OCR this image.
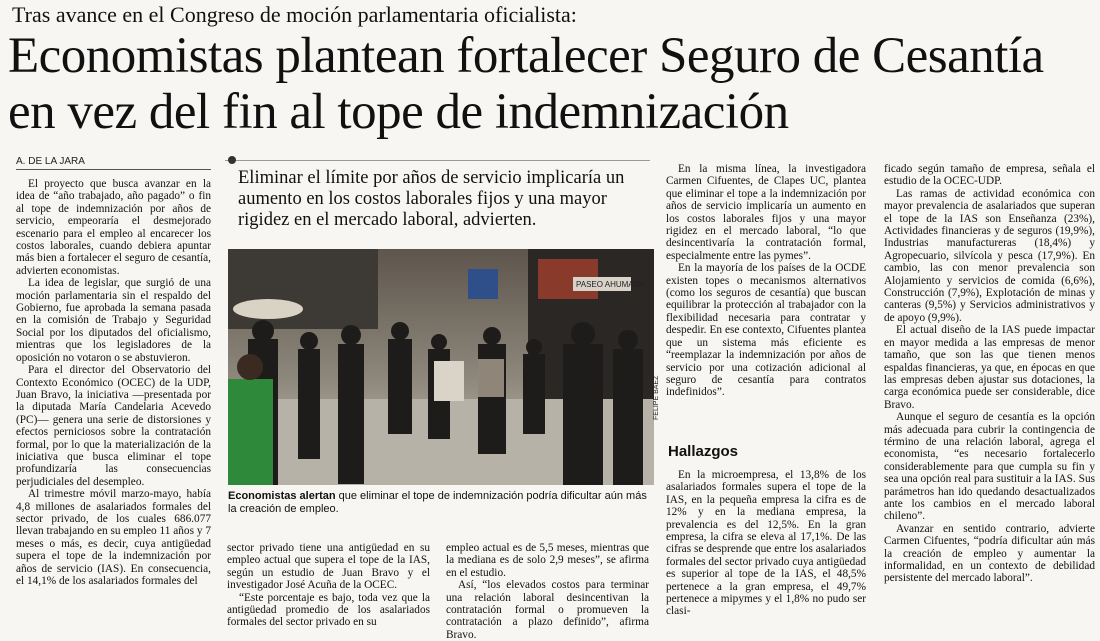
Tras avance en el Congreso de moción parlamentaria oficialista:
Economistas plantean fortalecer Seguro de Cesantía en vez del fin al tope de indemnización
A. DE LA JARA

El proyecto que busca avanzar en la idea de “año trabajado, año pagado” o fin al tope de indemnización por años de servicio, empeoraría el desmejorado escenario para el empleo al encarecer los costos laborales, cuando debiera apuntar más bien a fortalecer el seguro de cesantía, advierten economistas.

La idea de legislar, que surgió de una moción parlamentaria sin el respaldo del Gobierno, fue aprobada la semana pasada en la comisión de Trabajo y Seguridad Social por los diputados del oficialismo, mientras que los legisladores de la oposición no votaron o se abstuvieron.

Para el director del Observatorio del Contexto Económico (OCEC) de la UDP, Juan Bravo, la iniciativa —presentada por la diputada María Candelaria Acevedo (PC)— genera una serie de distorsiones y efectos perniciosos sobre la contratación formal, por lo que la materialización de la iniciativa que busca eliminar el tope profundizaría las consecuencias perjudiciales del desempleo.

Al trimestre móvil marzo-mayo, había 4,8 millones de asalariados formales del sector privado, de los cuales 686.077 llevan trabajando en su empleo 11 años y 7 meses o más, es decir, cuya antigüedad supera el tope de la indemnización por años de servicio (IAS). En consecuencia, el 14,1% de los asalariados formales del

Eliminar el límite por años de servicio implicaría un aumento en los costos laborales fijos y una mayor rigidez en el mercado laboral, advierten.
PASEO AHUMADA
FELIPE BAEZ
Economistas alertan que eliminar el tope de indemnización podría dificultar aún más la creación de empleo.

sector privado tiene una antigüedad en su empleo actual que supera el tope de la IAS, según un estudio de Juan Bravo y el investigador José Acuña de la OCEC.

“Este porcentaje es bajo, toda vez que la antigüedad promedio de los asalariados formales del sector privado en su

empleo actual es de 5,5 meses, mientras que la mediana es de solo 2,9 meses”, se afirma en el estudio.

Así, “los elevados costos para terminar una relación laboral desincentivan la contratación formal o promueven la contratación a plazo definido”, afirma Bravo.

En la misma línea, la investigadora Carmen Cifuentes, de Clapes UC, plantea que eliminar el tope a la indemnización por años de servicio implicaría un aumento en los costos laborales fijos y una mayor rigidez en el mercado laboral, “lo que desincentivaría la contratación formal, especialmente entre las pymes”.

En la mayoría de los países de la OCDE existen topes o mecanismos alternativos (como los seguros de cesantía) que buscan equilibrar la protección al trabajador con la flexibilidad necesaria para contratar y despedir. En ese contexto, Cifuentes plantea que un sistema más eficiente es “reemplazar la indemnización por años de servicio por una cotización adicional al seguro de cesantía para contratos indefinidos”.

Hallazgos

En la microempresa, el 13,8% de los asalariados formales supera el tope de la IAS, en la pequeña empresa la cifra es de 12% y en la mediana empresa, la prevalencia es del 12,5%. En la gran empresa, la cifra se eleva al 17,1%. De las cifras se desprende que entre los asalariados formales del sector privado cuya antigüedad es superior al tope de la IAS, el 48,5% pertenece a la gran empresa, el 49,7% pertenece a mipymes y el 1,8% no pudo ser clasi-

ficado según tamaño de empresa, señala el estudio de la OCEC-UDP.

Las ramas de actividad económica con mayor prevalencia de asalariados que superan el tope de la IAS son Enseñanza (23%), Actividades financieras y de seguros (19,9%), Industrias manufactureras (18,4%) y Agropecuario, silvícola y pesca (17,9%). En cambio, las con menor prevalencia son Alojamiento y servicios de comida (6,6%), Construcción (7,9%), Explotación de minas y canteras (9,5%) y Servicios administrativos y de apoyo (9,9%).

El actual diseño de la IAS puede impactar en mayor medida a las empresas de menor tamaño, que son las que tienen menos espaldas financieras, ya que, en épocas en que las empresas deben ajustar sus dotaciones, la carga económica puede ser considerable, dice Bravo.

Aunque el seguro de cesantía es la opción más adecuada para cubrir la contingencia de término de una relación laboral, agrega el economista, “es necesario fortalecerlo considerablemente para que cumpla su fin y sea una opción real para sustituir a la IAS. Sus parámetros han ido quedando desactualizados ante los cambios en el mercado laboral chileno”.

Avanzar en sentido contrario, advierte Carmen Cifuentes, “podría dificultar aún más la creación de empleo y aumentar la informalidad, en un contexto de debilidad persistente del mercado laboral”.
